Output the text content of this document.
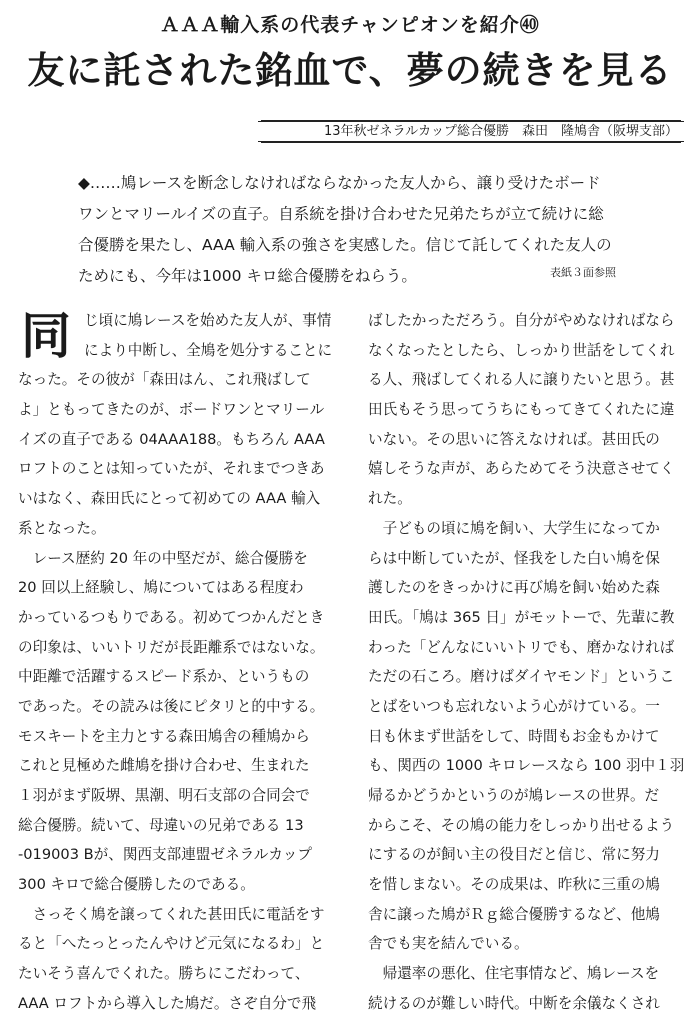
ＡＡＡ輸入系の代表チャンピオンを紹介㊵
友に託された銘血で、夢の続きを見る
13年秋ゼネラルカップ総合優勝　森田　隆鳩舎（阪堺支部）
◆……鳩レースを断念しなければならなかった友人から、譲り受けたボード
ワンとマリールイズの直子。自系統を掛け合わせた兄弟たちが立て続けに総
合優勝を果たし、AAA 輸入系の強さを実感した。信じて託してくれた友人の
ためにも、今年は1000 キロ総合優勝をねらう。	表紙３面参照
同 じ頃に鳩レースを始めた友人が、事情
により中断し、全鳩を処分することに
なった。その彼が「森田はん、これ飛ばして
よ」ともってきたのが、ボードワンとマリール
イズの直子である 04AAA188。もちろん AAA
ロフトのことは知っていたが、それまでつきあ
いはなく、森田氏にとって初めての AAA 輸入
系となった。
　レース歴約 20 年の中堅だが、総合優勝を
20 回以上経験し、鳩についてはある程度わ
かっているつもりである。初めてつかんだとき
の印象は、いいトリだが長距離系ではないな。
中距離で活躍するスピード系か、というもの
であった。その読みは後にピタリと的中する。
モスキートを主力とする森田鳩舎の種鳩から
これと見極めた雌鳩を掛け合わせ、生まれた
１羽がまず阪堺、黒潮、明石支部の合同会で
総合優勝。続いて、母違いの兄弟である 13
-019003 Bが、関西支部連盟ゼネラルカップ
300 キロで総合優勝したのである。
　さっそく鳩を譲ってくれた甚田氏に電話をす
ると「へたっとったんやけど元気になるわ」と
たいそう喜んでくれた。勝ちにこだわって、
AAA ロフトから導入した鳩だ。さぞ自分で飛
ばしたかっただろう。自分がやめなければなら
なくなったとしたら、しっかり世話をしてくれ
る人、飛ばしてくれる人に譲りたいと思う。甚
田氏もそう思ってうちにもってきてくれたに違
いない。その思いに答えなければ。甚田氏の
嬉しそうな声が、あらためてそう決意させてく
れた。
　子どもの頃に鳩を飼い、大学生になってか
らは中断していたが、怪我をした白い鳩を保
護したのをきっかけに再び鳩を飼い始めた森
田氏。「鳩は 365 日」がモットーで、先輩に教
わった「どんなにいいトリでも、磨かなければ
ただの石ころ。磨けばダイヤモンド」というこ
とばをいつも忘れないよう心がけている。一
日も休まず世話をして、時間もお金もかけて
も、関西の 1000 キロレースなら 100 羽中１羽
帰るかどうかというのが鳩レースの世界。だ
からこそ、その鳩の能力をしっかり出せるよう
にするのが飼い主の役目だと信じ、常に努力
を惜しまない。その成果は、昨秋に三重の鳩
舎に譲った鳩がＲｇ総合優勝するなど、他鳩
舎でも実を結んでいる。
　帰還率の悪化、住宅事情など、鳩レースを
続けるのが難しい時代。中断を余儀なくされ
